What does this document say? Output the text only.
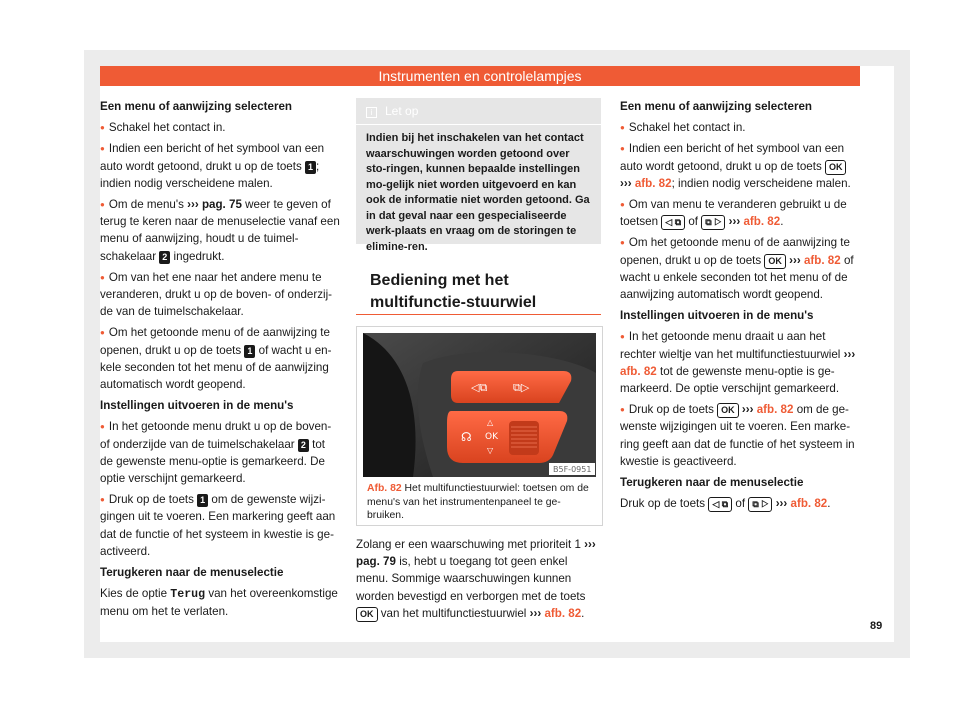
Instrumenten en controlelampjes

Een menu of aanwijzing selecteren

● Schakel het contact in.

● Indien een bericht of het symbool van een auto wordt getoond, drukt u op de toets 1 ; indien nodig verscheidene malen.

● Om de menu's ››› pag. 75 weer te geven of terug te keren naar de menuselectie vanaf een menu of aanwijzing, houdt u de tuimel-schakelaar 2 ingedrukt.

● Om van het ene naar het andere menu te veranderen, drukt u op de boven- of onderzij-de van de tuimelschakelaar.

● Om het getoonde menu of de aanwijzing te openen, drukt u op de toets 1 of wacht u en-kele seconden tot het menu of de aanwijzing automatisch wordt geopend.

Instellingen uitvoeren in de menu's

● In het getoonde menu drukt u op de boven- of onderzijde van de tuimelschakelaar 2 tot de gewenste menu-optie is gemarkeerd. De optie verschijnt gemarkeerd.

● Druk op de toets 1 om de gewenste wijzi-gingen uit te voeren. Een markering geeft aan dat de functie of het systeem in kwestie is ge-activeerd.

Terugkeren naar de menuselectie

Kies de optie Terug van het overeenkomstige menu om het te verlaten.

i Let op
Indien bij het inschakelen van het contact waarschuwingen worden getoond over sto-ringen, kunnen bepaalde instellingen mo-gelijk niet worden uitgevoerd en kan ook de informatie niet worden getoond. Ga in dat geval naar een gespecialiseerde werk-plaats en vraag om de storingen te elimine-ren.
Bediening met het multifunctie-stuurwiel
◁⧉ ⧉▷
☊
△
OK
▽
B5F-0951
Afb. 82 Het multifunctiestuurwiel: toetsen om de menu's van het instrumentenpaneel te ge-bruiken.
Zolang er een waarschuwing met prioriteit 1 ››› pag. 79 is, hebt u toegang tot geen enkel menu. Sommige waarschuwingen kunnen worden bevestigd en verborgen met de toets OK van het multifunctiestuurwiel ››› afb. 82.

Een menu of aanwijzing selecteren

● Schakel het contact in.

● Indien een bericht of het symbool van een auto wordt getoond, drukt u op de toets OK ››› afb. 82; indien nodig verscheidene malen.

● Om van menu te veranderen gebruikt u de toetsen ◁ ⧉ of ⧉ ▷ ››› afb. 82.

● Om het getoonde menu of de aanwijzing te openen, drukt u op de toets OK ››› afb. 82 of wacht u enkele seconden tot het menu of de aanwijzing automatisch wordt geopend.

Instellingen uitvoeren in de menu's

● In het getoonde menu draait u aan het rechter wieltje van het multifunctiestuurwiel ››› afb. 82 tot de gewenste menu-optie is ge-markeerd. De optie verschijnt gemarkeerd.

● Druk op de toets OK ››› afb. 82 om de ge-wenste wijzigingen uit te voeren. Een marke-ring geeft aan dat de functie of het systeem in kwestie is geactiveerd.

Terugkeren naar de menuselectie

Druk op de toets ◁ ⧉ of ⧉ ▷ ››› afb. 82.

89
